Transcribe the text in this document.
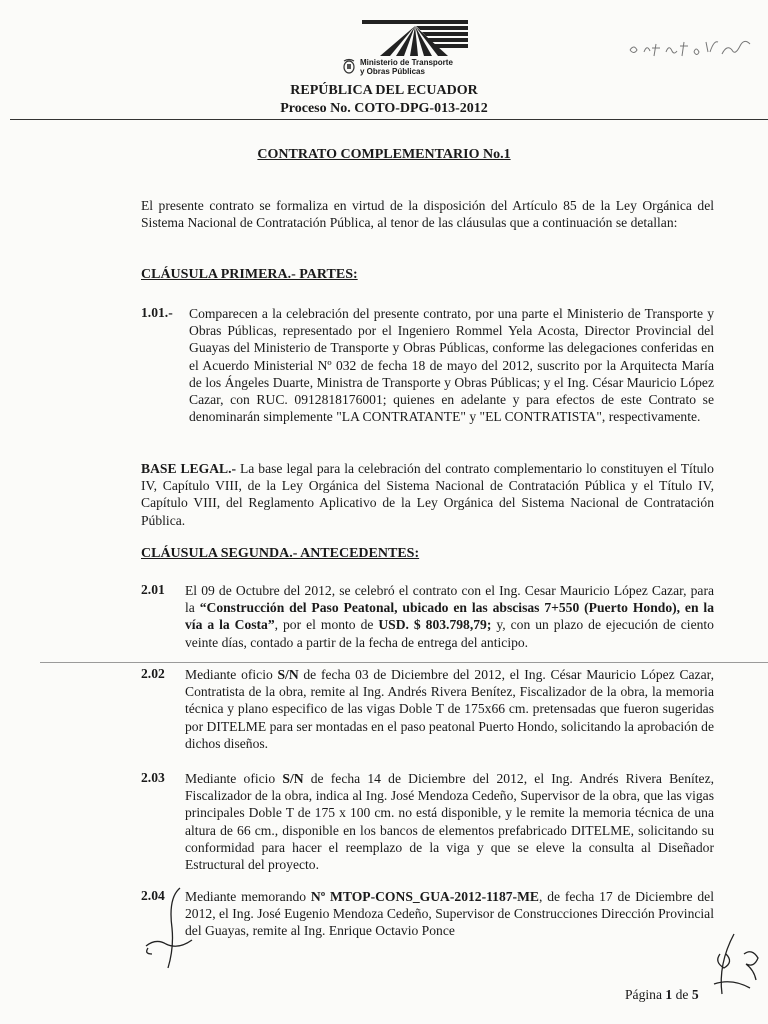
Ministerio de Transporte
y Obras Públicas
REPÚBLICA DEL ECUADOR
Proceso No. COTO-DPG-013-2012
CONTRATO COMPLEMENTARIO No.1

El presente contrato se formaliza en virtud de la disposición del Artículo 85 de la Ley Orgánica del Sistema Nacional de Contratación Pública, al tenor de las cláusulas que a continuación se detallan:

CLÁUSULA PRIMERA.- PARTES:
1.01.- Comparecen a la celebración del presente contrato, por una parte el Ministerio de Transporte y Obras Públicas, representado por el Ingeniero Rommel Yela Acosta, Director Provincial del Guayas del Ministerio de Transporte y Obras Públicas, conforme las delegaciones conferidas en el Acuerdo Ministerial Nº 032 de fecha 18 de mayo del 2012, suscrito por la Arquitecta María de los Ángeles Duarte, Ministra de Transporte y Obras Públicas; y el Ing. César Mauricio López Cazar, con RUC. 0912818176001; quienes en adelante y para efectos de este Contrato se denominarán simplemente "LA CONTRATANTE" y "EL CONTRATISTA", respectivamente.

BASE LEGAL.- La base legal para la celebración del contrato complementario lo constituyen el Título IV, Capítulo VIII, de la Ley Orgánica del Sistema Nacional de Contratación Pública y el Título IV, Capítulo VIII, del Reglamento Aplicativo de la Ley Orgánica del Sistema Nacional de Contratación Pública.

CLÁUSULA SEGUNDA.- ANTECEDENTES:
2.01 El 09 de Octubre del 2012, se celebró el contrato con el Ing. Cesar Mauricio López Cazar, para la “Construcción del Paso Peatonal, ubicado en las abscisas 7+550 (Puerto Hondo), en la vía a la Costa”, por el monto de USD. $ 803.798,79; y, con un plazo de ejecución de ciento veinte días, contado a partir de la fecha de entrega del anticipo.

2.02 Mediante oficio S/N de fecha 03 de Diciembre del 2012, el Ing. César Mauricio López Cazar, Contratista de la obra, remite al Ing. Andrés Rivera Benítez, Fiscalizador de la obra, la memoria técnica y plano especifico de las vigas Doble T de 175x66 cm. pretensadas que fueron sugeridas por DITELME para ser montadas en el paso peatonal Puerto Hondo, solicitando la aprobación de dichos diseños.

2.03 Mediante oficio S/N de fecha 14 de Diciembre del 2012, el Ing. Andrés Rivera Benítez, Fiscalizador de la obra, indica al Ing. José Mendoza Cedeño, Supervisor de la obra, que las vigas principales Doble T de 175 x 100 cm. no está disponible, y le remite la memoria técnica de una altura de 66 cm., disponible en los bancos de elementos prefabricado DITELME, solicitando su conformidad para hacer el reemplazo de la viga y que se eleve la consulta al Diseñador Estructural del proyecto.

2.04 Mediante memorando Nº MTOP-CONS_GUA-2012-1187-ME, de fecha 17 de Diciembre del 2012, el Ing. José Eugenio Mendoza Cedeño, Supervisor de Construcciones Dirección Provincial del Guayas, remite al Ing. Enrique Octavio Ponce

Página 1 de 5
